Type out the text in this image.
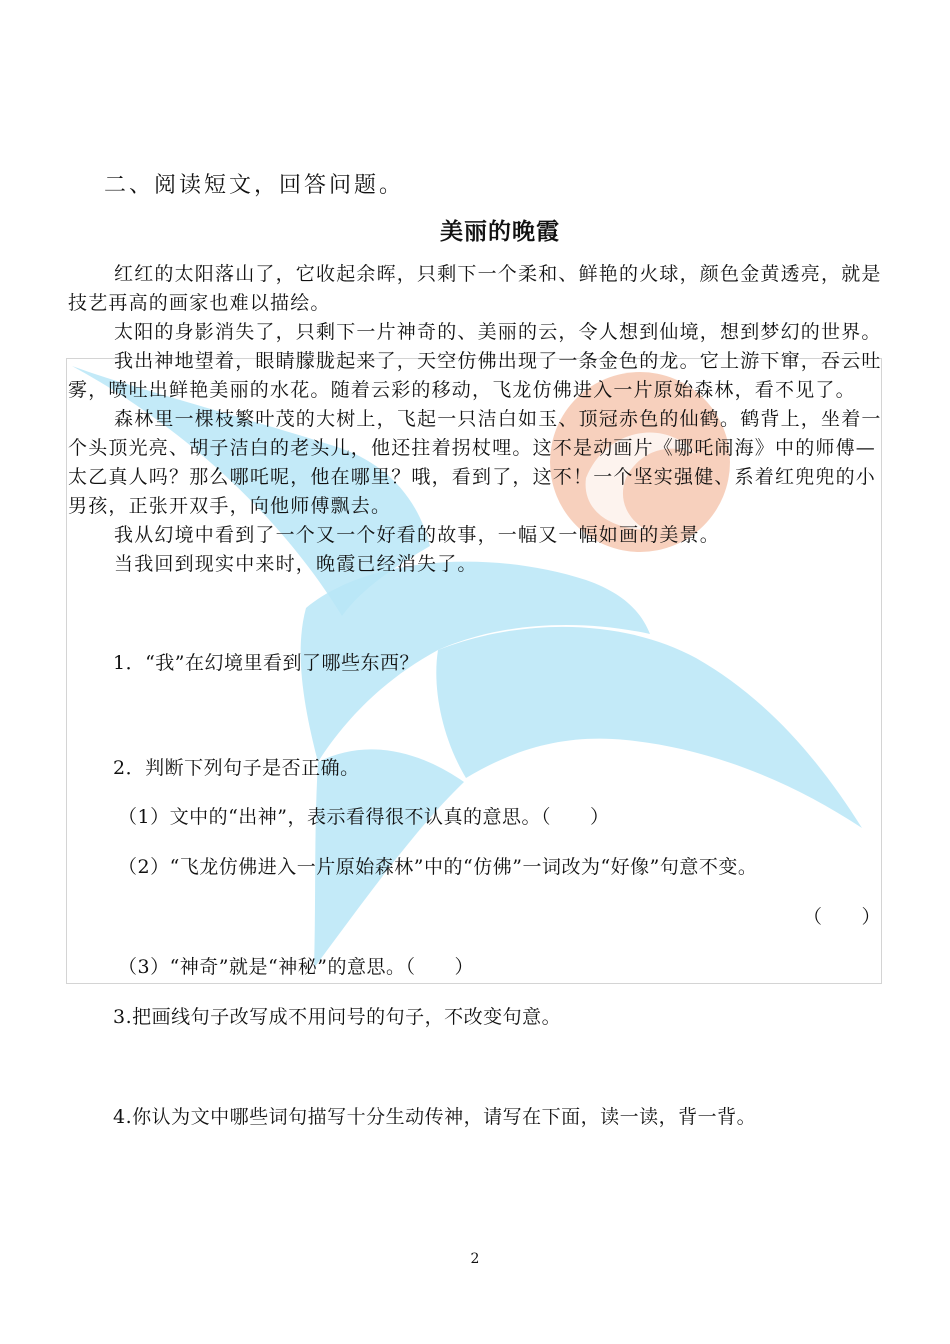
二、阅读短文，回答问题。
美丽的晚霞

红红的太阳落山了，它收起余晖，只剩下一个柔和、鲜艳的火球，颜色金黄透亮，就是技艺再高的画家也难以描绘。

太阳的身影消失了，只剩下一片神奇的、美丽的云，令人想到仙境，想到梦幻的世界。

我出神地望着，眼睛朦胧起来了，天空仿佛出现了一条金色的龙。它上游下窜，吞云吐雾，喷吐出鲜艳美丽的水花。随着云彩的移动，飞龙仿佛进入一片原始森林，看不见了。

森林里一棵枝繁叶茂的大树上，飞起一只洁白如玉、顶冠赤色的仙鹤。鹤背上，坐着一个头顶光亮、胡子洁白的老头儿，他还拄着拐杖哩。这不是动画片《哪吒闹海》中的师傅—太乙真人吗？那么哪吒呢，他在哪里？哦，看到了，这不！一个坚实强健、系着红兜兜的小男孩，正张开双手，向他师傅飘去。

我从幻境中看到了一个又一个好看的故事，一幅又一幅如画的美景。

当我回到现实中来时，晚霞已经消失了。

1．“我”在幻境里看到了哪些东西？
2．判断下列句子是否正确。
（1）文中的“出神”，表示看得很不认真的意思。（　　）
（2）“飞龙仿佛进入一片原始森林”中的“仿佛”一词改为“好像”句意不变。
（　　）
（3）“神奇”就是“神秘”的意思。（　　）
3.把画线句子改写成不用问号的句子，不改变句意。
4.你认为文中哪些词句描写十分生动传神，请写在下面，读一读，背一背。
2
